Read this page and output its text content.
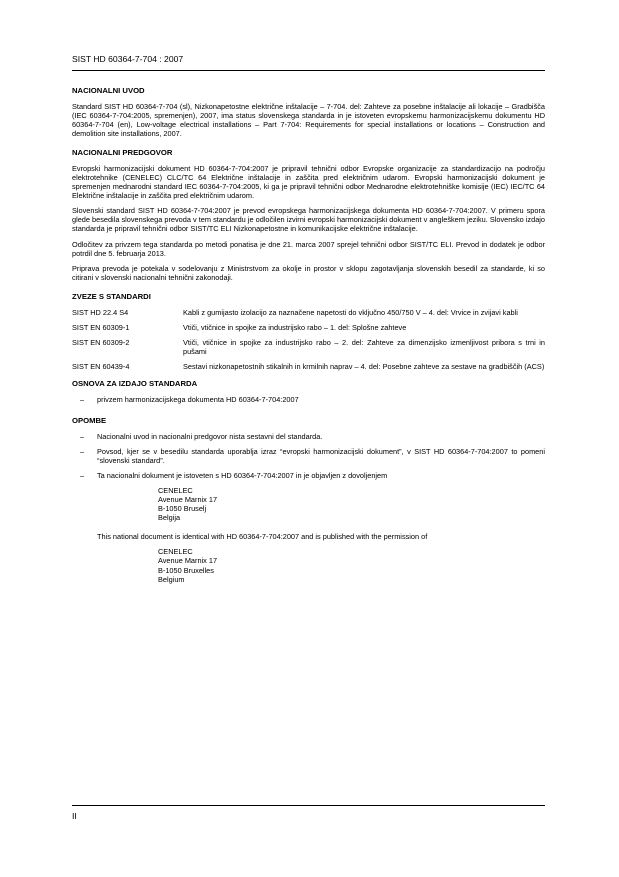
SIST HD 60364-7-704 : 2007
NACIONALNI UVOD

Standard SIST HD 60364-7-704 (sl), Nizkonapetostne električne inštalacije – 7-704. del: Zahteve za posebne inštalacije ali lokacije – Gradbišča (IEC 60364-7-704:2005, spremenjen), 2007, ima status slovenskega standarda in je istoveten evropskemu harmonizacijskemu dokumentu HD 60364-7-704 (en), Low-voltage electrical installations – Part 7-704: Requirements for special installations or locations – Construction and demolition site installations, 2007.

NACIONALNI PREDGOVOR

Evropski harmonizacijski dokument HD 60364-7-704:2007 je pripravil tehnični odbor Evropske organizacije za standardizacijo na področju elektrotehnike (CENELEC) CLC/TC 64 Električne inštalacije in zaščita pred električnim udarom. Evropski harmonizacijski dokument je spremenjen mednarodni standard IEC 60364-7-704:2005, ki ga je pripravil tehnični odbor Mednarodne elektrotehniške komisije (IEC) IEC/TC 64 Električne inštalacije in zaščita pred električnim udarom.

Slovenski standard SIST HD 60364-7-704:2007 je prevod evropskega harmonizacijskega dokumenta HD 60364-7-704:2007. V primeru spora glede besedila slovenskega prevoda v tem standardu je odločilen izvirni evropski harmonizacijski dokument v angleškem jeziku. Slovensko izdajo standarda je pripravil tehnični odbor SIST/TC ELI Nizkonapetostne in komunikacijske električne inštalacije.

Odločitev za privzem tega standarda po metodi ponatisa je dne 21. marca 2007 sprejel tehnični odbor SIST/TC ELI. Prevod in dodatek je odbor potrdil dne 5. februarja 2013.

Priprava prevoda je potekala v sodelovanju z Ministrstvom za okolje in prostor v sklopu zagotavljanja slovenskih besedil za standarde, ki so citirani v slovenski nacionalni tehnični zakonodaji.

ZVEZE S STANDARDI
SIST HD 22.4 S4	Kabli z gumijasto izolacijo za naznačene napetosti do vključno 450/750 V – 4. del: Vrvice in zvijavi kabli
SIST EN 60309-1	Vtiči, vtičnice in spojke za industrijsko rabo – 1. del: Splošne zahteve
SIST EN 60309-2	Vtiči, vtičnice in spojke za industrijsko rabo – 2. del: Zahteve za dimenzijsko izmenljivost pribora s trni in pušami
SIST EN 60439-4	Sestavi nizkonapetostnih stikalnih in krmilnih naprav – 4. del: Posebne zahteve za sestave na gradbiščih (ACS)
OSNOVA ZA IZDAJO STANDARDA
– privzem harmonizacijskega dokumenta HD 60364-7-704:2007
OPOMBE
– Nacionalni uvod in nacionalni predgovor nista sestavni del standarda.
– Povsod, kjer se v besedilu standarda uporablja izraz “evropski harmonizacijski dokument”, v SIST HD 60364-7-704:2007 to pomeni “slovenski standard”.
– Ta nacionalni dokument je istoveten s HD 60364-7-704:2007 in je objavljen z dovoljenjem
CENELEC
Avenue Marnix 17
B-1050 Bruselj
Belgija

This national document is identical with HD 60364-7-704:2007 and is published with the permission of

CENELEC
Avenue Marnix 17
B-1050 Bruxelles
Belgium
II
